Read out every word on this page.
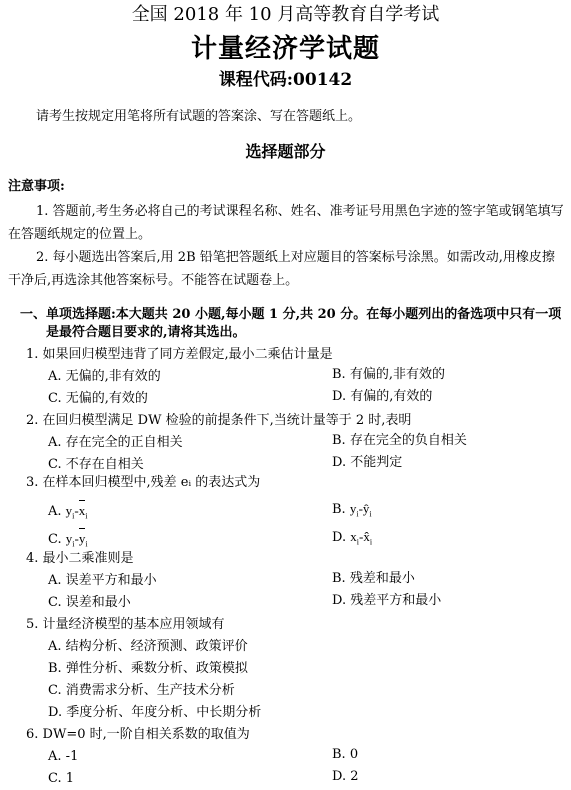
全国 2018 年 10 月高等教育自学考试
计量经济学试题
课程代码:00142
请考生按规定用笔将所有试题的答案涂、写在答题纸上。
选择题部分
注意事项:
1. 答题前,考生务必将自己的考试课程名称、姓名、准考证号用黑色字迹的签字笔或钢笔填写在答题纸规定的位置上。
2. 每小题选出答案后,用 2B 铅笔把答题纸上对应题目的答案标号涂黑。如需改动,用橡皮擦干净后,再选涂其他答案标号。不能答在试题卷上。
一、单项选择题:本大题共 20 小题,每小题 1 分,共 20 分。在每小题列出的备选项中只有一项是最符合题目要求的,请将其选出。
1. 如果回归模型违背了同方差假定,最小二乘估计量是
A. 无偏的,非有效的	B. 有偏的,非有效的
C. 无偏的,有效的	D. 有偏的,有效的
2. 在回归模型满足 DW 检验的前提条件下,当统计量等于 2 时,表明
A. 存在完全的正自相关	B. 存在完全的负自相关
C. 不存在自相关	D. 不能判定
3. 在样本回归模型中,残差 eᵢ 的表达式为
A. $y_i-x_i$	B. $y_i-ŷ_i$
C. $y_i-y_i$	D. $x_i-x̂_i$
4. 最小二乘准则是
A. 误差平方和最小	B. 残差和最小
C. 误差和最小	D. 残差平方和最小
5. 计量经济模型的基本应用领域有
A. 结构分析、经济预测、政策评价
B. 弹性分析、乘数分析、政策模拟
C. 消费需求分析、生产技术分析
D. 季度分析、年度分析、中长期分析
6. DW=0 时,一阶自相关系数的取值为
A. -1	B. 0
C. 1	D. 2
